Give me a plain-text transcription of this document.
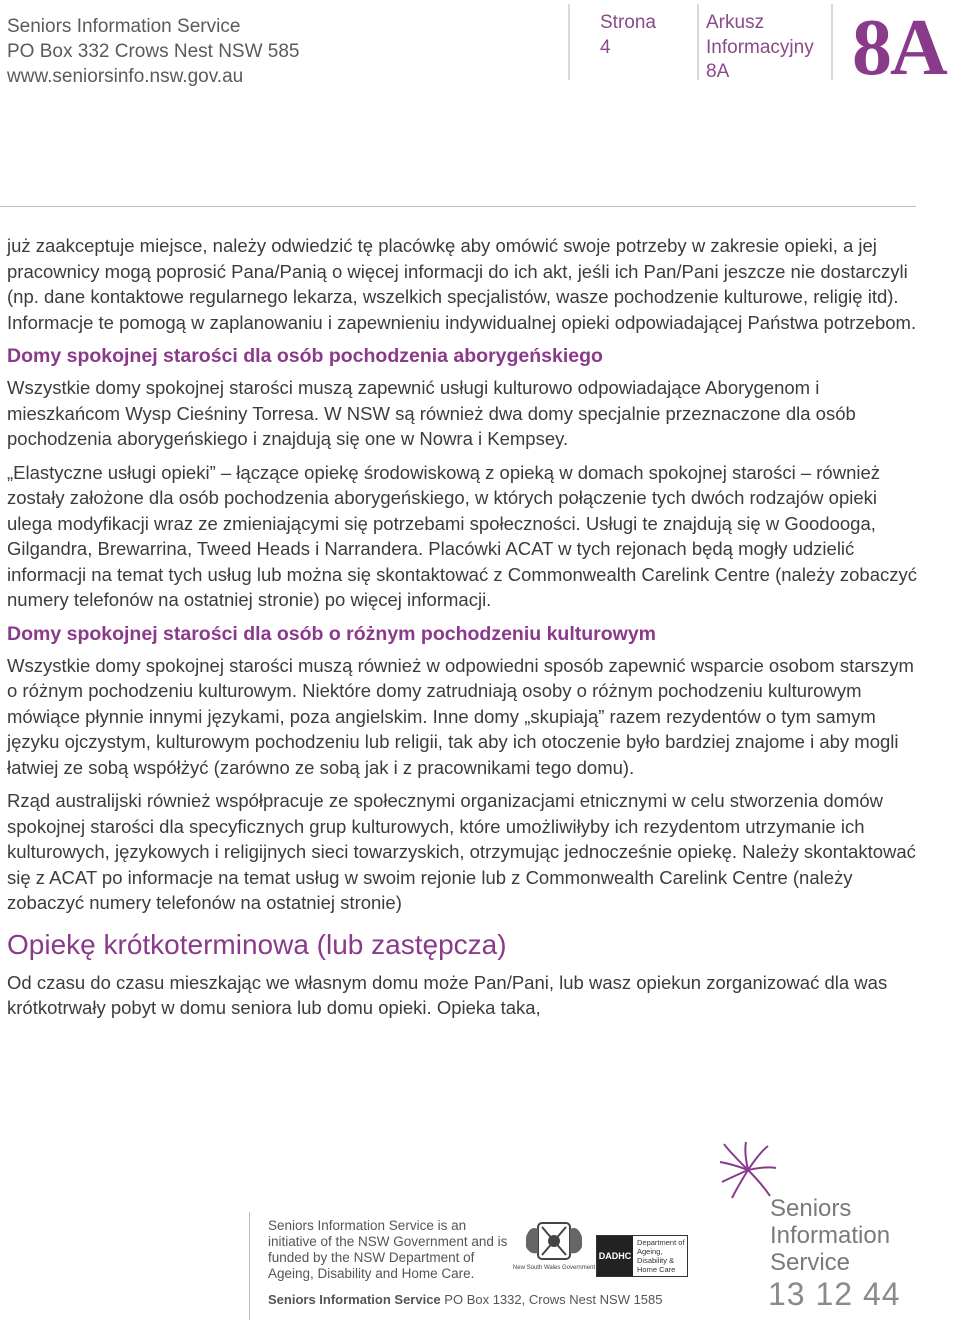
Seniors Information Service
PO Box 332 Crows Nest NSW 585
www.seniorsinfo.nsw.gov.au
Strona
4
Arkusz
Informacyjny
8A 8A

już zaakceptuje miejsce, należy odwiedzić tę placówkę aby omówić swoje potrzeby w zakresie opieki, a jej pracownicy mogą poprosić Pana/Panią o więcej informacji do ich akt, jeśli ich Pan/Pani jeszcze nie dostarczyli (np. dane kontaktowe regularnego lekarza, wszelkich specjalistów, wasze pochodzenie kulturowe, religię itd). Informacje te pomogą w zaplanowaniu i zapewnieniu indywidualnej opieki odpowiadającej Państwa potrzebom.

Domy spokojnej starości dla osób pochodzenia aborygeńskiego

Wszystkie domy spokojnej starości muszą zapewnić usługi kulturowo odpowiadające Aborygenom i mieszkańcom Wysp Cieśniny Torresa. W NSW są również dwa domy specjalnie przeznaczone dla osób pochodzenia aborygeńskiego i znajdują się one w Nowra i Kempsey.

„Elastyczne usługi opieki” – łączące opiekę środowiskową z opieką w domach spokojnej starości – również zostały założone dla osób pochodzenia aborygeńskiego, w których połączenie tych dwóch rodzajów opieki ulega modyfikacji wraz ze zmieniającymi się potrzebami społeczności. Usługi te znajdują się w Goodooga, Gilgandra, Brewarrina, Tweed Heads i Narrandera. Placówki ACAT w tych rejonach będą mogły udzielić informacji na temat tych usług lub można się skontaktować z Commonwealth Carelink Centre (należy zobaczyć numery telefonów na ostatniej stronie) po więcej informacji.

Domy spokojnej starości dla osób o różnym pochodzeniu kulturowym

Wszystkie domy spokojnej starości muszą również w odpowiedni sposób zapewnić wsparcie osobom starszym o różnym pochodzeniu kulturowym. Niektóre domy zatrudniają osoby o różnym pochodzeniu kulturowym mówiące płynnie innymi językami, poza angielskim. Inne domy „skupiają” razem rezydentów o tym samym języku ojczystym, kulturowym pochodzeniu lub religii, tak aby ich otoczenie było bardziej znajome i aby mogli łatwiej ze sobą współżyć (zarówno ze sobą jak i z pracownikami tego domu).

Rząd australijski również współpracuje ze społecznymi organizacjami etnicznymi w celu stworzenia domów spokojnej starości dla specyficznych grup kulturowych, które umożliwiłyby ich rezydentom utrzymanie ich kulturowych, językowych i religijnych sieci towarzyskich, otrzymując jednocześnie opiekę. Należy skontaktować się z ACAT po informacje na temat usług w swoim rejonie lub z Commonwealth Carelink Centre (należy zobaczyć numery telefonów na ostatniej stronie)

Opiekę krótkoterminowa (lub zastępcza)

Od czasu do czasu mieszkając we własnym domu może Pan/Pani, lub wasz opiekun zorganizować dla was krótkotrwały pobyt w domu seniora lub domu opieki. Opieka taka,

Seniors Information Service is an initiative of the NSW Government and is funded by the NSW Department of Ageing, Disability and Home Care.
Seniors Information Service PO Box 1332, Crows Nest NSW 1585
New South Wales Government
DADHC
Department of Ageing, Disability & Home Care
Seniors
Information
Service
13 12 44
